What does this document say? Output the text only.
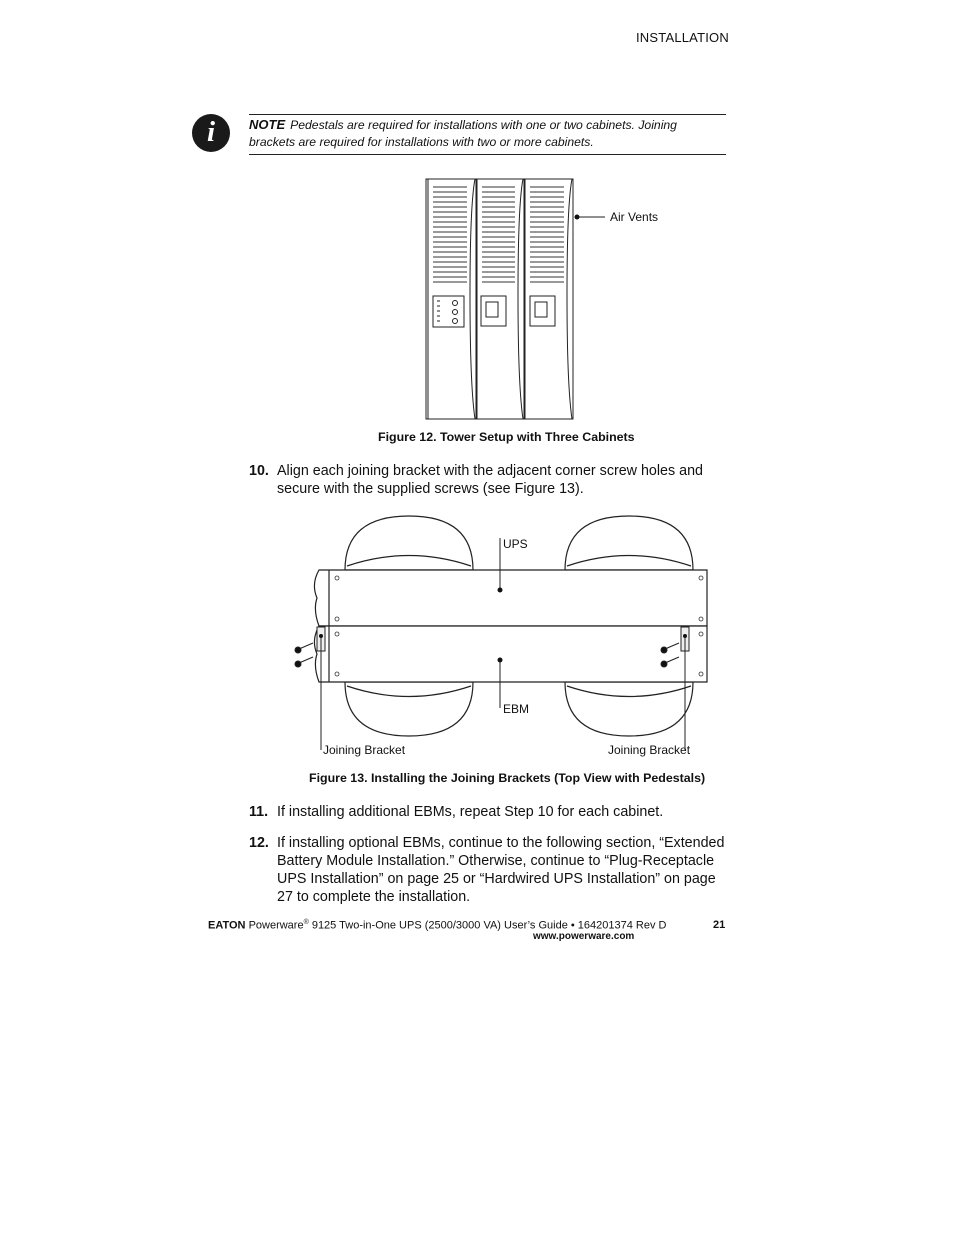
INSTALLATION
i	NOTE Pedestals are required for installations with one or two cabinets. Joining brackets are required for installations with two or more cabinets.
Air Vents
Figure 12. Tower Setup with Three Cabinets
10. Align each joining bracket with the adjacent corner screw holes and secure with the supplied screws (see Figure 13).
UPS
EBM
Joining Bracket	Joining Bracket
Figure 13. Installing the Joining Brackets (Top View with Pedestals)
11. If installing additional EBMs, repeat Step 10 for each cabinet.
12. If installing optional EBMs, continue to the following section, “Extended Battery Module Installation.” Otherwise, continue to “Plug-Receptacle UPS Installation” on page 25 or “Hardwired UPS Installation” on page 27 to complete the installation.
EATON Powerware® 9125 Two-in-One UPS (2500/3000 VA) User’s Guide • 164201374 Rev D
www.powerware.com
21
